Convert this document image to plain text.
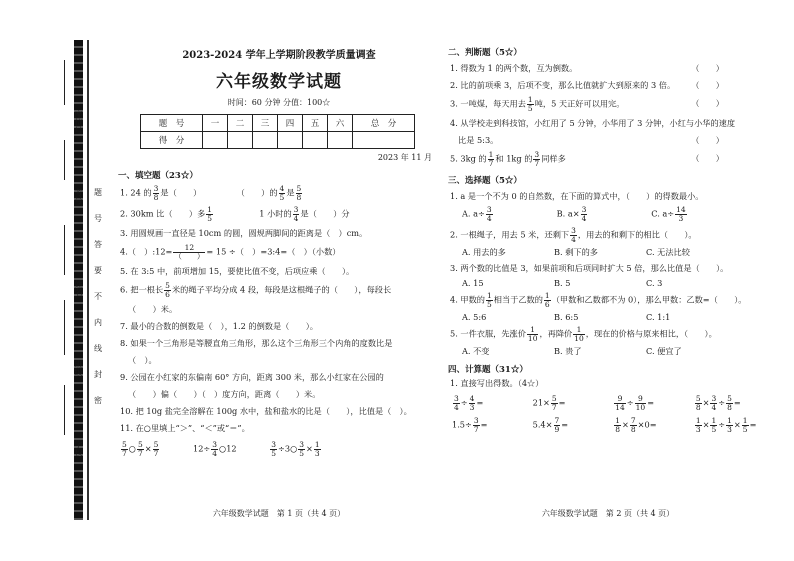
座位号
考号
姓名
班级
学校
题
号
答
要
不
内
线
封
密
2023-2024 学年上学期阶段教学质量调查
六年级数学试题
时间：60 分钟 分值：100☆
题　号	一	二	三	四	五	六	总　分
得　分							
2023 年 11 月
一、填空题（23☆）
1. 24 的 $\frac{3}{8}$ 是（　　）	（　　）的 $\frac{4}{5}$ 是 $\frac{5}{8}$
2. 30km 比（　　）多 $\frac{1}{5}$	1 小时的 $\frac{3}{4}$ 是（　　）分
3. 用圆规画一直径是 10cm 的圆，圆规两脚间的距离是（　）cm。
4.（　）:12= $\frac{12}{( )} = 15$ ÷（　）=3:4=（　）（小数）
5. 在 3:5 中，前项增加 15，要使比值不变，后项应乘（　　）。
6. 把一根长 $\frac{5}{6}$ 米的绳子平均分成 4 段，每段是这根绳子的（　　），每段长
（　　）米。
7. 最小的合数的倒数是（　），1.2 的倒数是（　　）。
8. 如果一个三角形是等腰直角三角形，那么这个三角形三个内角的度数比是
（　）。
9. 公园在小红家的东偏南 60° 方向，距离 300 米，那么小红家在公园的
（　　）偏（　　）（　）度方向，距离（　　）米。
10. 把 10g 盐完全溶解在 100g 水中，盐和盐水的比是（　　），比值是（　）。
11. 在○里填上“＞”、“＜”或“＝”。
$\frac{5}{7}$ ○ $\frac{5}{7} \times \frac{5}{7}$	$12\div \frac{3}{4}$ ○12	$\frac{3}{5}$ ÷3○ $\frac{3}{5} \times \frac{1}{3}$
六年级数学试题　第 1 页（共 4 页）
二、判断题（5☆）
1. 得数为 1 的两个数，互为倒数。	（　　）
2. 比的前项乘 3，后项不变，那么比值就扩大到原来的 3 倍。 （　　）
3. 一吨煤，每天用去 $\frac{1}{5}$ 吨，5 天正好可以用完。	（　　）
4. 从学校走到科技馆，小红用了 5 分钟，小华用了 3 分钟，小红与小华的速度
比是 5:3。	（　　）
5. 3kg 的 $\frac{1}{7}$ 和 1kg 的 $\frac{3}{7}$ 同样多	（　　）
三、选择题（5☆）
1. a 是一个不为 0 的自然数，在下面的算式中，（　　）的得数最小。
A. $a\div \frac{3}{4}$	B. $a\times \frac{3}{4}$	C. $a\div \frac{14}{3}$
2. 一根绳子，用去 5 米，还剩下 $\frac{3}{4}$ ，用去的和剩下的相比（　　）。
A. 用去的多	B. 剩下的多	C. 无法比较
3. 两个数的比值是 3，如果前项和后项同时扩大 5 倍，那么比值是（　　）。
A. 15	B. 5	C. 3
4. 甲数的 $\frac{1}{5}$ 相当于乙数的 $\frac{1}{6}$ （甲数和乙数都不为 0），那么甲数：乙数=（　　）。
A. 5:6	B. 6:5	C. 1:1
5. 一件衣服，先涨价 $\frac{1}{10}$ ，再降价 $\frac{1}{10}$ ，现在的价格与原来相比，（　　）。
A. 不变	B. 贵了	C. 便宜了
四、计算题（31☆）
1. 直接写出得数。（4☆）
$\frac{3}{4} \div \frac{4}{3}$ =	$21\times \frac{5}{7}$ =	$\frac{9}{14} \div \frac{9}{10}$ =	$\frac{5}{8} \times \frac{3}{4} \div \frac{5}{8}$ =
$1.5\div \frac{3}{7}$ =	$5.4\times \frac{7}{9}$ =	$\frac{1}{8} \times \frac{7}{8} \times 0=$	$\frac{1}{3} \times \frac{1}{5} \div \frac{1}{3} \times \frac{1}{5}$ =
六年级数学试题　第 2 页（共 4 页）
